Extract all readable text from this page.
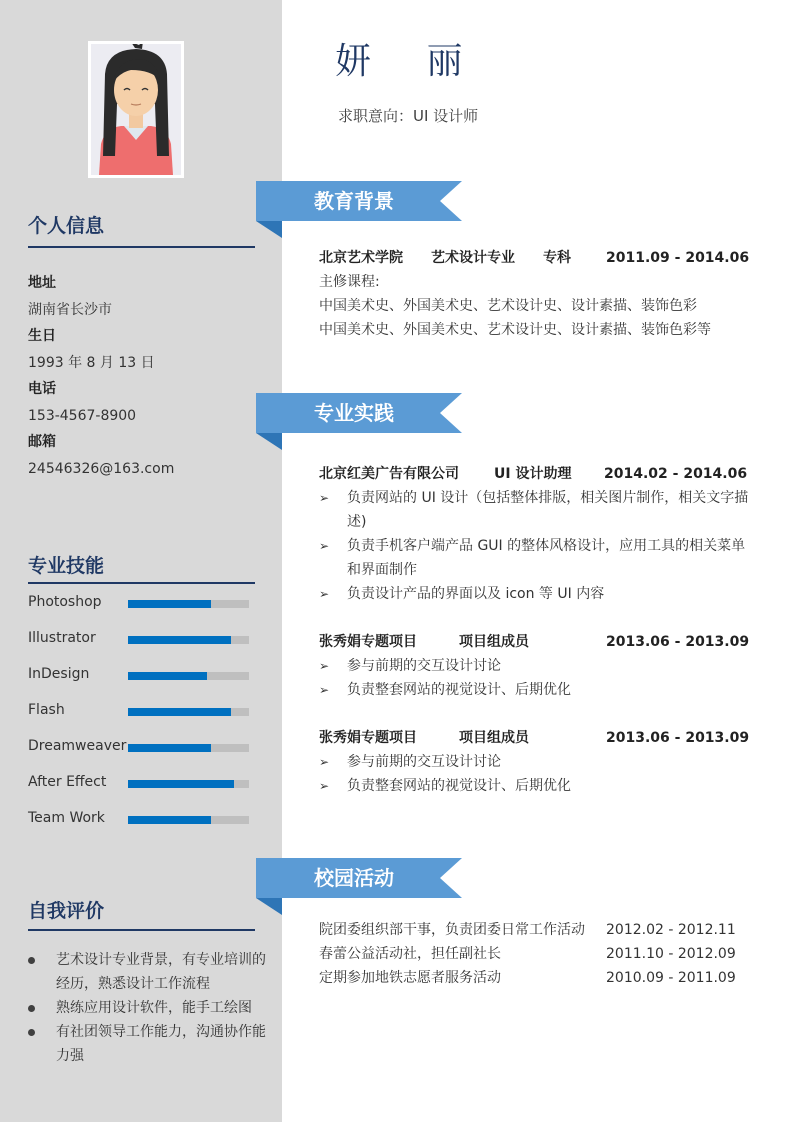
个人信息
地址
湖南省长沙市
生日
1993 年 8 月 13 日
电话
153-4567-8900
邮箱
24546326@163.com
专业技能
Photoshop
Illustrator
InDesign
Flash
Dreamweaver
After Effect
Team Work
自我评价
艺术设计专业背景，有专业培训的经历，熟悉设计工作流程
熟练应用设计软件，能手工绘图
有社团领导工作能力，沟通协作能力强
妍 丽
求职意向：UI 设计师
教育背景
北京艺术学院 艺术设计专业 专科	2011.09 - 2014.06
主修课程:
中国美术史、外国美术史、艺术设计史、设计素描、装饰色彩
中国美术史、外国美术史、艺术设计史、设计素描、装饰色彩等
专业实践
北京红美广告有限公司	UI 设计助理 2014.02 - 2014.06
➢ 负责网站的 UI 设计（包括整体排版，相关图片制作，相关文字描述)
➢ 负责手机客户端产品 GUI 的整体风格设计，应用工具的相关菜单和界面制作
➢ 负责设计产品的界面以及 icon 等 UI 内容
张秀娟专题项目	项目组成员	2013.06 - 2013.09
➢ 参与前期的交互设计讨论
➢ 负责整套网站的视觉设计、后期优化
张秀娟专题项目	项目组成员	2013.06 - 2013.09
➢ 参与前期的交互设计讨论
➢ 负责整套网站的视觉设计、后期优化
校园活动
院团委组织部干事，负责团委日常工作活动 2012.02 - 2012.11
春蕾公益活动社，担任副社长	2011.10 - 2012.09
定期参加地铁志愿者服务活动	2010.09 - 2011.09
